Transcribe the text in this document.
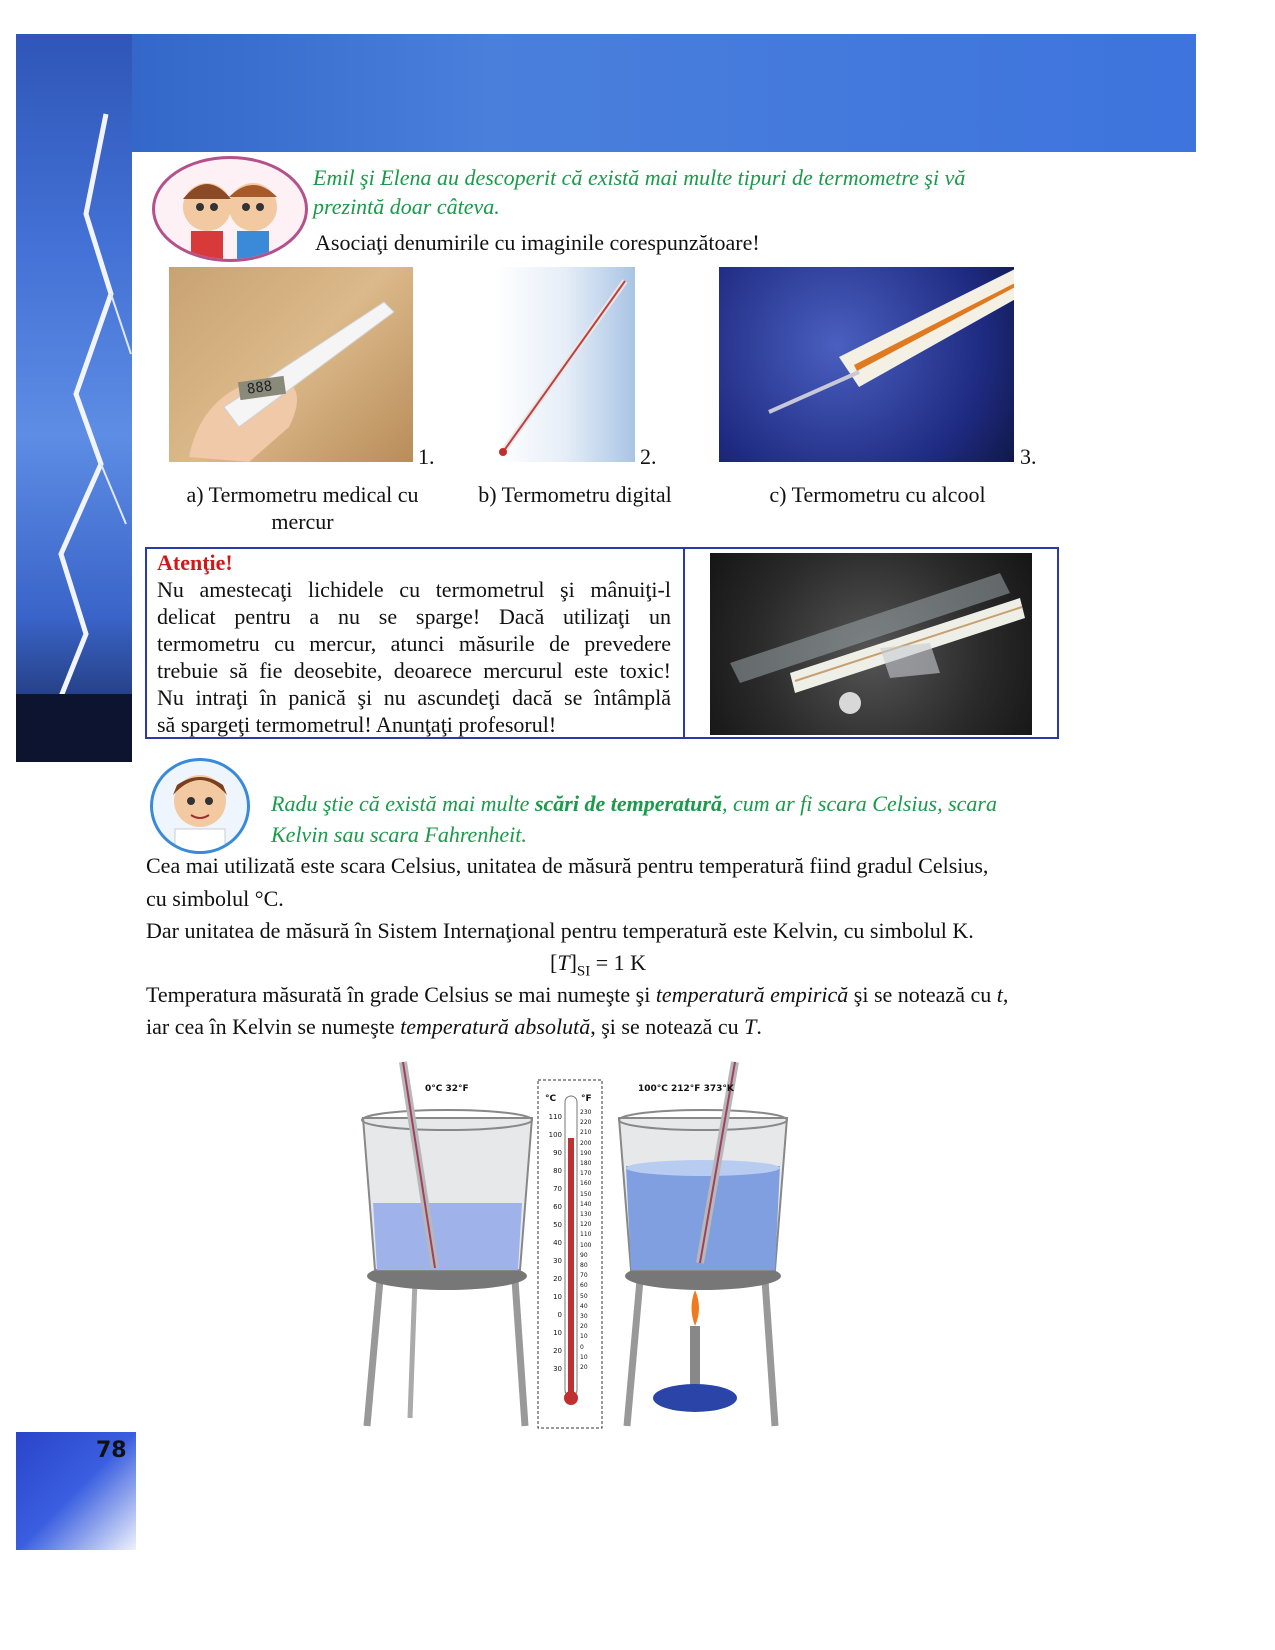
Emil şi Elena au descoperit că există mai multe tipuri de termometre şi vă
prezintă doar câteva.
Asociaţi denumirile cu imaginile corespunzătoare!
888
1.	2.	3.
a) Termometru medical cu
mercur
b) Termometru digital	c) Termometru cu alcool
Atenţie!
Nu amestecaţi lichidele cu termometrul şi mânuiţi-l
delicat pentru a nu se sparge! Dacă utilizaţi un
termometru cu mercur, atunci măsurile de prevedere
trebuie să fie deosebite, deoarece mercurul este toxic!
Nu intraţi în panică şi nu ascundeţi dacă se întâmplă
să spargeţi termometrul! Anunţaţi profesorul!
Radu ştie că există mai multe scări de temperatură, cum ar fi scara Celsius, scara
Kelvin sau scara Fahrenheit.
Cea mai utilizată este scara Celsius, unitatea de măsură pentru temperatură fiind gradul Celsius,
cu simbolul °C.
Dar unitatea de măsură în Sistem Internaţional pentru temperatură este Kelvin, cu simbolul K.
$[T]_{SI} = 1$ K
Temperatura măsurată în grade Celsius se mai numeşte şi temperatură empirică şi se notează cu t,
iar cea în Kelvin se numeşte temperatură absolută, şi se notează cu T.
0°C 32°F	100°C 212°F 373°K
°C	°F
110
100
90
80
70
60
50
40
30
20
10
0
10
20
30
230
220
210
200
190
180
170
160
150
140
130
120
110
100
90
80
70
60
50
40
30
20
10
0
10
20
78
